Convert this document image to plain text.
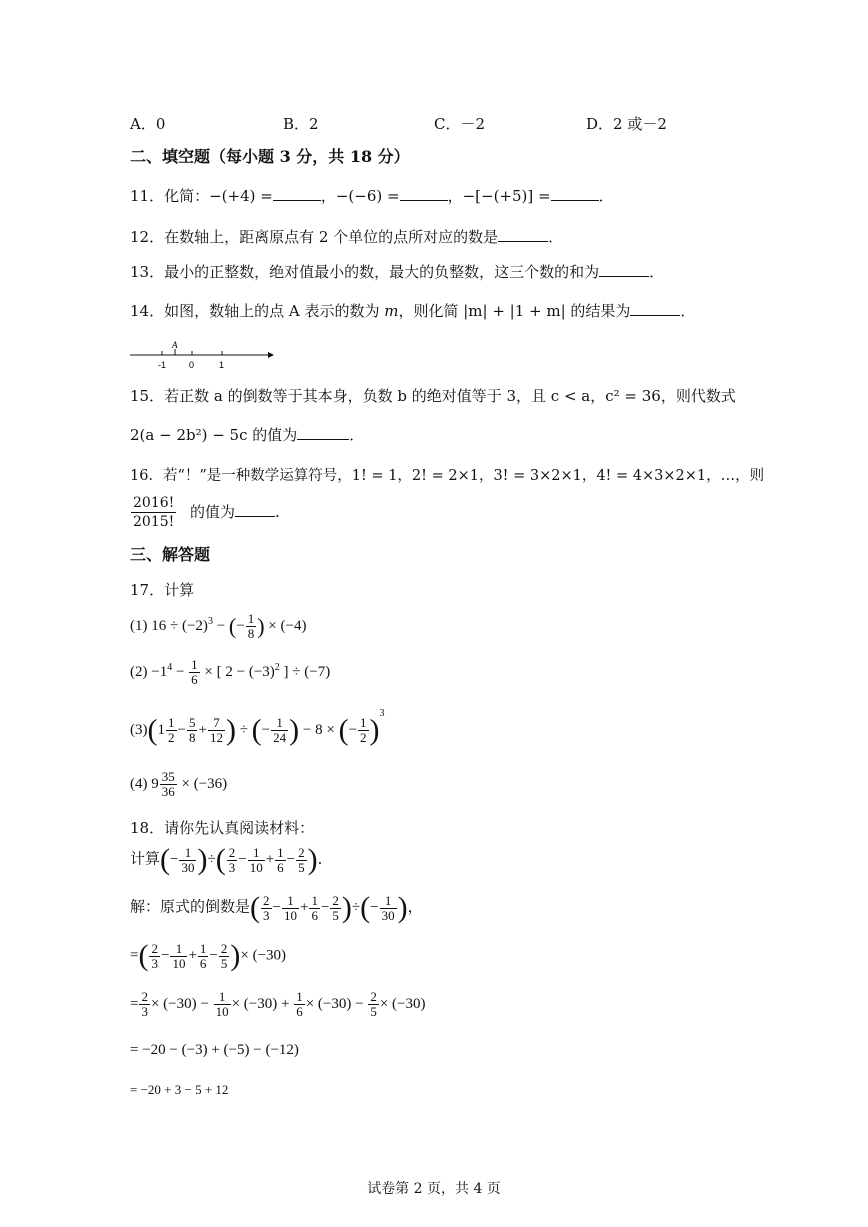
A．0	B．2	C．－2	D．2 或－2
二、填空题（每小题 3 分，共 18 分）
11．化简：−(+4) =	，−(−6) =	，−[−(+5)] =	．
12．在数轴上，距离原点有 2 个单位的点所对应的数是	．
13．最小的正整数，绝对值最小的数，最大的负整数，这三个数的和为	．
14．如图，数轴上的点 A 表示的数为 m，则化简 |m| + |1 + m| 的结果为	．
A
-1	0	1
15．若正数 a 的倒数等于其本身，负数 b 的绝对值等于 3，且 c < a，c² = 36，则代数式
2(a − 2b²) − 5c 的值为	．
16．若“！”是一种数学运算符号，1! = 1，2! = 2×1，3! = 3×2×1，4! = 4×3×2×1，…，则
$\frac{2016!}{2015!}$ 的值为	．
三、解答题
17．计算
(1) $16 \div (-2)^3$ − (− $\frac{1}{8}$ ) × (−4)
$(2) -1^4 - \frac{1}{6}$ × [ $2 - (-3)^2$ ] ÷ (−7)
$(3)(1 \frac{1}{2} - \frac{5}{8} + \frac{7}{12}$ ) ÷ (− $\frac{1}{24}$ ) − 8 × (− $\frac{1}{2} )^3$
(4) $9 \frac{35}{36} \times (-36)$
18．请你先认真阅读材料：
计算(− $\frac{1}{30}$ )÷( $\frac{2}{3} - \frac{1}{10} + \frac{1}{6} - \frac{2}{5}$ )．
解：原式的倒数是( $\frac{2}{3} - \frac{1}{10} + \frac{1}{6} - \frac{2}{5}$ )÷(− $\frac{1}{30}$ )，
=( $\frac{2}{3} - \frac{1}{10} + \frac{1}{6} - \frac{2}{5}$ )× (−30)
= $\frac{2}{3} \times (-30) - \frac{1}{10} \times (-30) + \frac{1}{6} \times (-30) - \frac{2}{5} \times (-30)$
= −20 − (−3) + (−5) − (−12)
= −20 + 3 − 5 + 12
试卷第 2 页，共 4 页
